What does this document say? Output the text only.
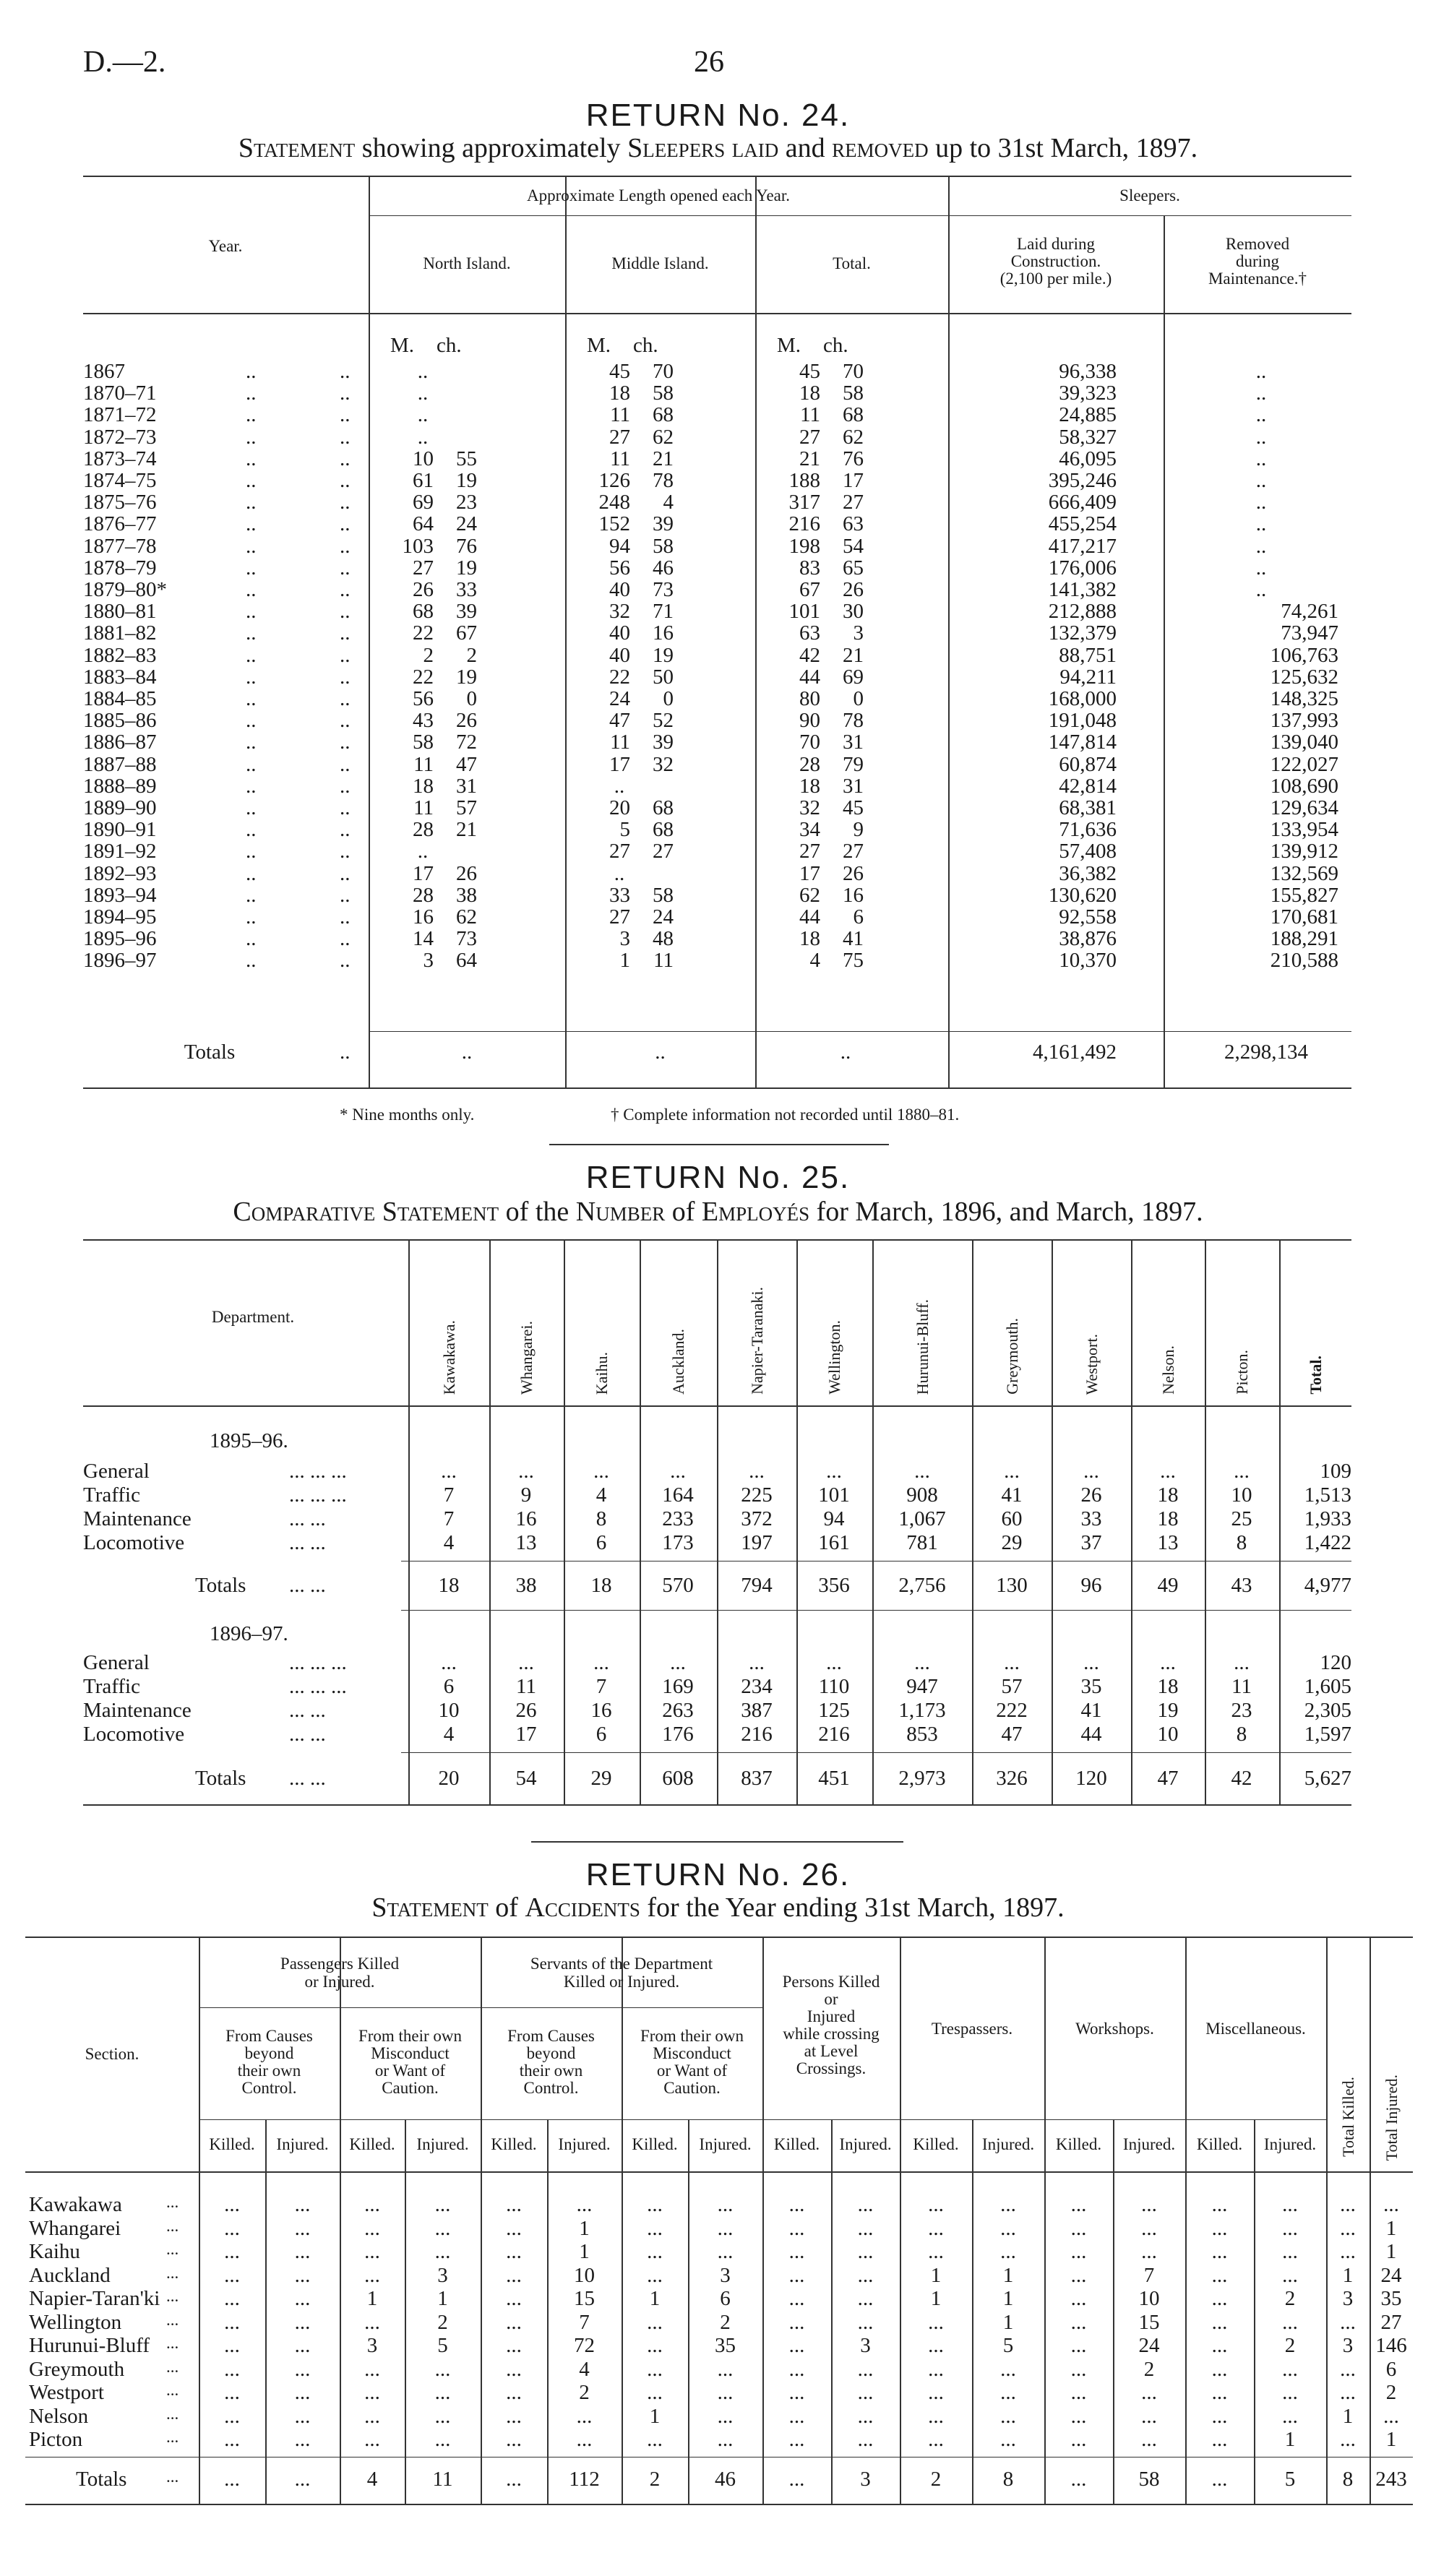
D.—2.	26
RETURN No. 24.
Statement showing approximately Sleepers laid and removed up to 31st March, 1897.
RETURN No. 25.
Comparative Statement of the Number of Employés for March, 1896, and March, 1897.
RETURN No. 26.
Statement of Accidents for the Year ending 31st March, 1897.
Year.
Approximate Length opened each Year.	Sleepers.
North Island.	Middle Island.	Total.
Laid during
Construction.
(2,100 per mile.)
Removed
during
Maintenance.†
M. ch.	M. ch.	M. ch.
1867	..	..	..	45	70	45	70	96,338	..
1870–71	..	..	..	18	58	18	58	39,323	..
1871–72	..	..	..	11	68	11	68	24,885	..
1872–73	..	..	..	27	62	27	62	58,327	..
1873–74	..	..	10	55	11	21	21	76	46,095	..
1874–75	..	..	61	19	126	78	188	17	395,246	..
1875–76	..	..	69	23	248	4	317	27	666,409	..
1876–77	..	..	64	24	152	39	216	63	455,254	..
1877–78	..	..	103	76	94	58	198	54	417,217	..
1878–79	..	..	27	19	56	46	83	65	176,006	..
1879–80*	..	..	26	33	40	73	67	26	141,382	..
1880–81	..	..	68	39	32	71	101	30	212,888	74,261
1881–82	..	..	22	67	40	16	63	3	132,379	73,947
1882–83	..	..	2	2	40	19	42	21	88,751	106,763
1883–84	..	..	22	19	22	50	44	69	94,211	125,632
1884–85	..	..	56	0	24	0	80	0	168,000	148,325
1885–86	..	..	43	26	47	52	90	78	191,048	137,993
1886–87	..	..	58	72	11	39	70	31	147,814	139,040
1887–88	..	..	11	47	17	32	28	79	60,874	122,027
1888–89	..	..	18	31	..	18	31	42,814	108,690
1889–90	..	..	11	57	20	68	32	45	68,381	129,634
1890–91	..	..	28	21	5	68	34	9	71,636	133,954
1891–92	..	..	..	27	27	27	27	57,408	139,912
1892–93	..	..	17	26	..	17	26	36,382	132,569
1893–94	..	..	28	38	33	58	62	16	130,620	155,827
1894–95	..	..	16	62	27	24	44	6	92,558	170,681
1895–96	..	..	14	73	3	48	18	41	38,876	188,291
1896–97	..	..	3	64	1	11	4	75	10,370	210,588
Totals	..	..	..	..	4,161,492	2,298,134
* Nine months only.	† Complete information not recorded until 1880–81.
Department.
Kawakawa.	Whangarei.	Kaihu.	Auckland.	Napier-Taranaki.	Wellington.	Hurunui-Bluff.	Greymouth.	Westport.	Nelson.	Picton.	Total.
1895–96.
General	... ... ...	...	...	...	...	...	...	...	...	...	...	...	109
Traffic	... ... ...	7	9	4	164	225	101	908	41	26	18	10	1,513
Maintenance	... ...	7	16	8	233	372	94	1,067	60	33	18	25	1,933
Locomotive	... ...	4	13	6	173	197	161	781	29	37	13	8	1,422
Totals ... ...	18	38	18	570	794	356	2,756	130	96	49	43	4,977
1896–97.
General	... ... ...	...	...	...	...	...	...	...	...	...	...	...	120
Traffic	... ... ...	6	11	7	169	234	110	947	57	35	18	11	1,605
Maintenance	... ...	10	26	16	263	387	125	1,173	222	41	19	23	2,305
Locomotive	... ...	4	17	6	176	216	216	853	47	44	10	8	1,597
Totals ... ...	20	54	29	608	837	451	2,973	326	120	47	42	5,627
Section.
Passengers Killed
or Injured.
Servants of the Department
Killed or Injured.
From Causes
beyond
their own
Control.
From Causes
beyond
their own
Control.
From their own
Misconduct
or Want of
Caution.
From their own
Misconduct
or Want of
Caution.
Persons Killed
or
Injured
while crossing
at Level
Crossings.
Trespassers.	Workshops.	Miscellaneous.
Total Killed. Total Injured.
Killed.	Injured.	Killed.	Injured.	Killed.	Injured.	Killed.	Injured.	Killed.	Injured.	Killed.	Injured.	Killed.	Injured.	Killed.	Injured.
Kawakawa	...	...	...	...	...	...	...	...	...	...	...	...	...	...	...	...	...	...	...
Whangarei	...	...	...	...	...	...	1	...	...	...	...	...	...	...	...	...	...	...	1
Kaihu	...	...	...	...	...	...	1	...	...	...	...	...	...	...	...	...	...	...	1
Auckland	...	...	...	...	3	...	10	...	3	...	...	1	1	...	7	...	...	1	24
Napier-Taran'ki ...	...	...	1	1	...	15	1	6	...	...	1	1	...	10	...	2	3	35
Wellington	...	...	...	...	2	...	7	...	2	...	...	...	1	...	15	...	...	...	27
Hurunui-Bluff ...	...	...	3	5	...	72	...	35	...	3	...	5	...	24	...	2	3	146
Greymouth	...	...	...	...	...	...	4	...	...	...	...	...	...	...	2	...	...	...	6
Westport	...	...	...	...	...	...	2	...	...	...	...	...	...	...	...	...	...	...	2
Nelson	...	...	...	...	...	...	...	1	...	...	...	...	...	...	...	...	...	1	...
Picton	...	...	...	...	...	...	...	...	...	...	...	...	...	...	...	...	1	...	1
Totals ...	...	...	4	11	...	112	2	46	...	3	2	8	...	58	...	5	8	243
